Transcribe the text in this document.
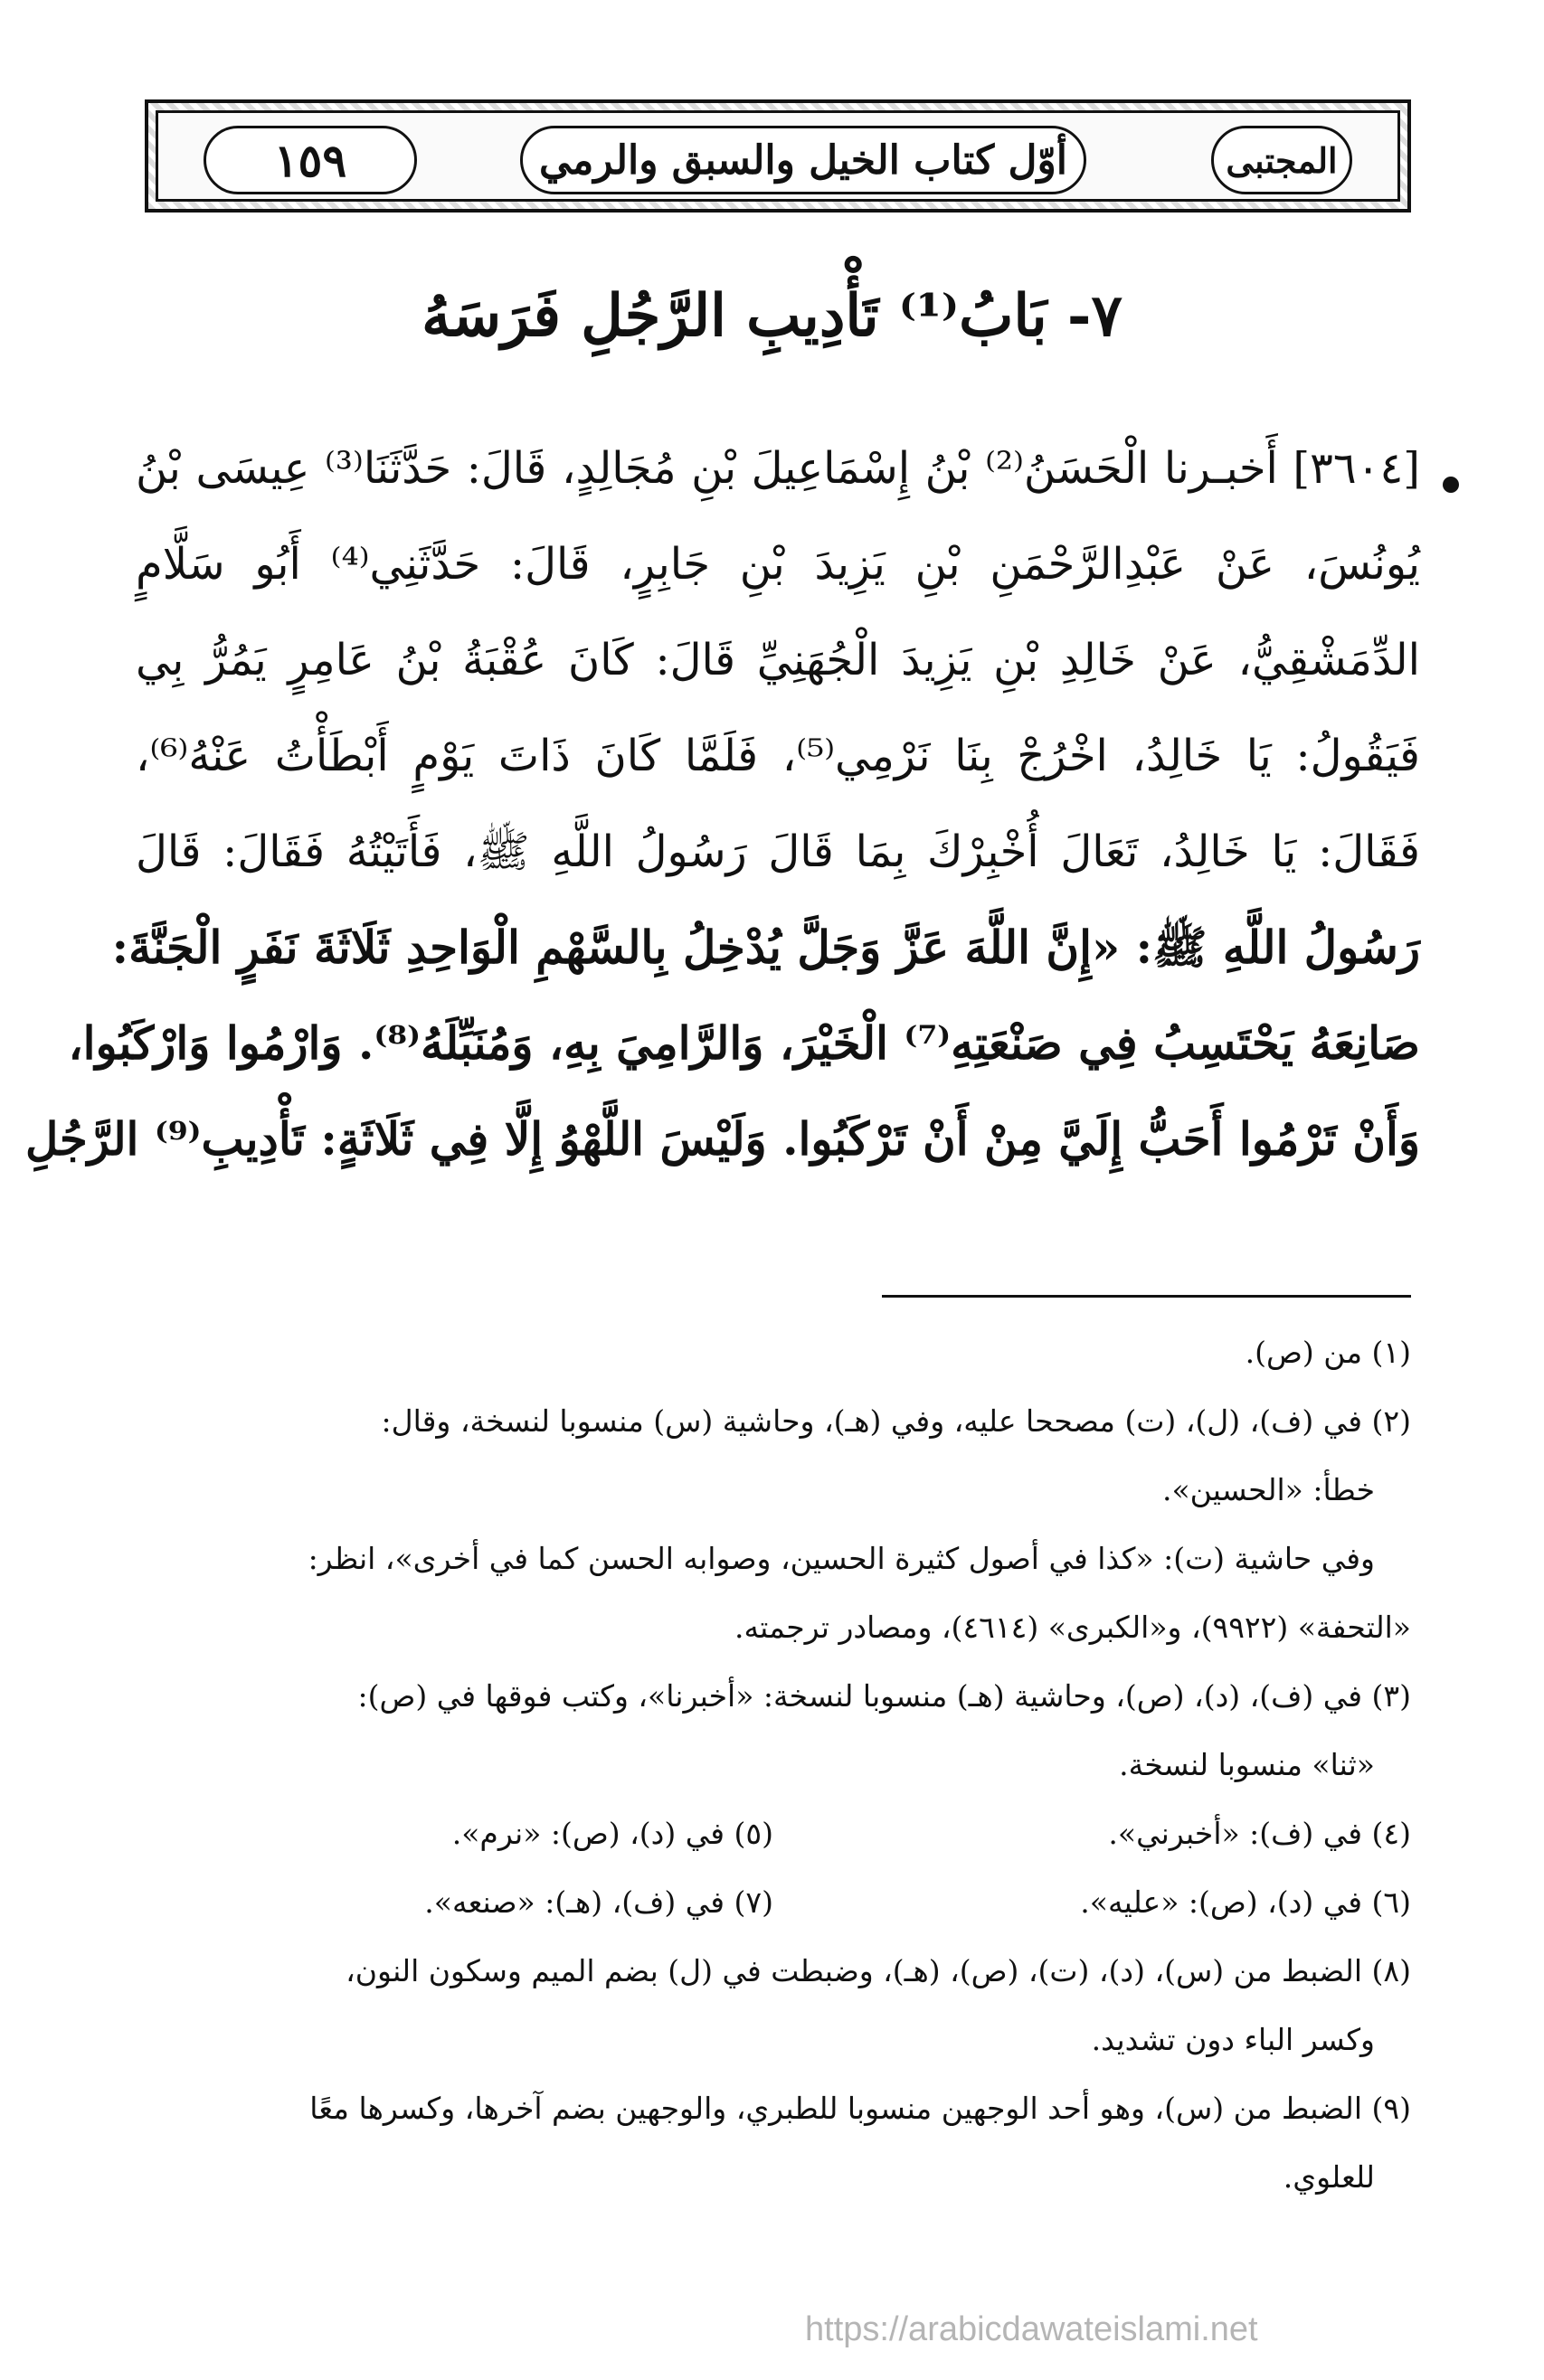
١٥٩	أوّل كتاب الخيل والسبق والرمي	المجتبى
٧- بَابُ⁽¹⁾ تَأْدِيبِ الرَّجُلِ فَرَسَهُ
[٣٦٠٤] أَخبـرنا الْحَسَنُ⁽²⁾ بْنُ إِسْمَاعِيلَ بْنِ مُجَالِدٍ، قَالَ: حَدَّثَنَا⁽³⁾ عِيسَى بْنُ
يُونُسَ، عَنْ عَبْدِالرَّحْمَنِ بْنِ يَزِيدَ بْنِ جَابِرٍ، قَالَ: حَدَّثَنِي⁽⁴⁾ أَبُو سَلَّامٍ
الدِّمَشْقِيُّ، عَنْ خَالِدِ بْنِ يَزِيدَ الْجُهَنِيِّ قَالَ: كَانَ عُقْبَةُ بْنُ عَامِرٍ يَمُرُّ بِي
فَيَقُولُ: يَا خَالِدُ، اخْرُجْ بِنَا نَرْمِي⁽⁵⁾، فَلَمَّا كَانَ ذَاتَ يَوْمٍ أَبْطَأْتُ عَنْهُ⁽⁶⁾،
فَقَالَ: يَا خَالِدُ، تَعَالَ أُخْبِرْكَ بِمَا قَالَ رَسُولُ اللَّهِ ﷺ، فَأَتَيْتُهُ فَقَالَ: قَالَ
رَسُولُ اللَّهِ ﷺ: «إِنَّ اللَّهَ عَزَّ وَجَلَّ يُدْخِلُ بِالسَّهْمِ الْوَاحِدِ ثَلَاثَةَ نَفَرٍ الْجَنَّةَ:
صَانِعَهُ يَحْتَسِبُ فِي صَنْعَتِهِ⁽⁷⁾ الْخَيْرَ، وَالرَّامِيَ بِهِ، وَمُنَبِّلَهُ⁽⁸⁾. وَارْمُوا وَارْكَبُوا،
وَأَنْ تَرْمُوا أَحَبُّ إِلَيَّ مِنْ أَنْ تَرْكَبُوا. وَلَيْسَ اللَّهْوُ إِلَّا فِي ثَلَاثَةٍ: تَأْدِيبِ⁽⁹⁾ الرَّجُلِ
(١) من (ص).
(٢) في (ف)، (ل)، (ت) مصححا عليه، وفي (هـ)، وحاشية (س) منسوبا لنسخة، وقال:
خطأ: «الحسين».
وفي حاشية (ت): «كذا في أصول كثيرة الحسين، وصوابه الحسن كما في أخرى»، انظر:
«التحفة» (٩٩٢٢)، و«الكبرى» (٤٦١٤)، ومصادر ترجمته.
(٣) في (ف)، (د)، (ص)، وحاشية (هـ) منسوبا لنسخة: «أخبرنا»، وكتب فوقها في (ص):
«ثنا» منسوبا لنسخة.
(٤) في (ف): «أخبرني».
(٥) في (د)، (ص): «نرم».
(٦) في (د)، (ص): «عليه».
(٧) في (ف)، (هـ): «صنعه».
(٨) الضبط من (س)، (د)، (ت)، (ص)، (هـ)، وضبطت في (ل) بضم الميم وسكون النون،
وكسر الباء دون تشديد.
(٩) الضبط من (س)، وهو أحد الوجهين منسوبا للطبري، والوجهين بضم آخرها، وكسرها معًا
للعلوي.
https://arabicdawateislami.net
